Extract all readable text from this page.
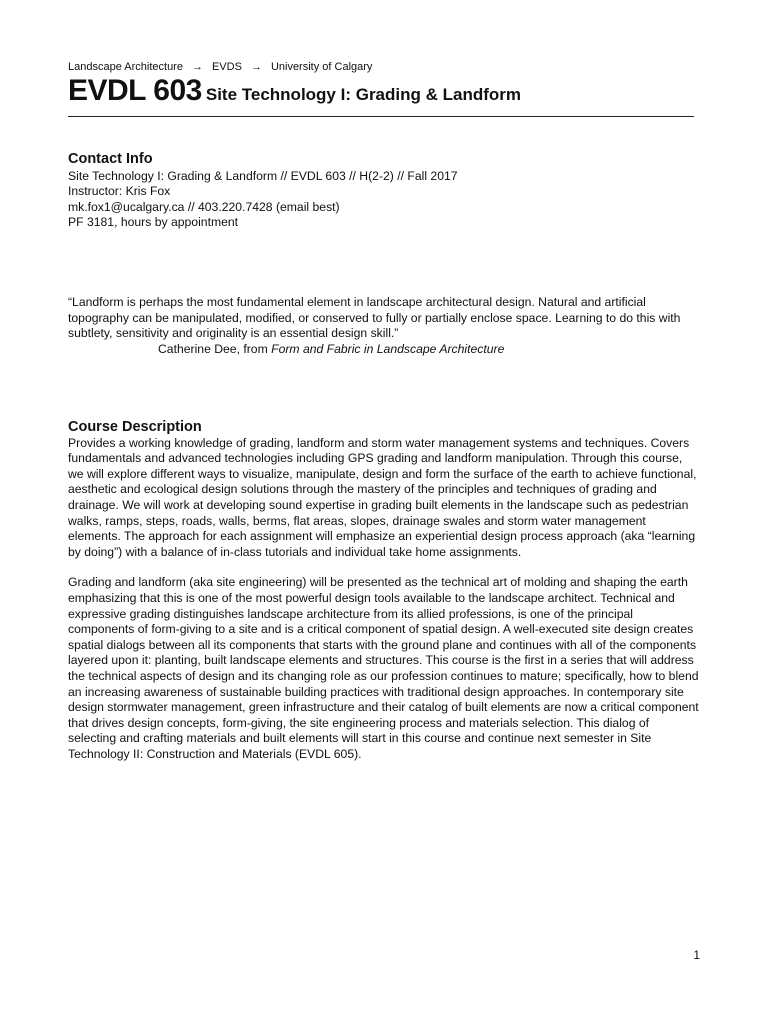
Landscape Architecture → EVDS → University of Calgary
EVDL 603 Site Technology I: Grading & Landform
Contact Info
Site Technology I: Grading & Landform // EVDL 603 // H(2-2) // Fall 2017
Instructor: Kris Fox
mk.fox1@ucalgary.ca // 403.220.7428 (email best)
PF 3181, hours by appointment
“Landform is perhaps the most fundamental element in landscape architectural design. Natural and artificial topography can be manipulated, modified, or conserved to fully or partially enclose space. Learning to do this with subtlety, sensitivity and originality is an essential design skill.”
Catherine Dee, from Form and Fabric in Landscape Architecture
Course Description

Provides a working knowledge of grading, landform and storm water management systems and techniques. Covers fundamentals and advanced technologies including GPS grading and landform manipulation. Through this course, we will explore different ways to visualize, manipulate, design and form the surface of the earth to achieve functional, aesthetic and ecological design solutions through the mastery of the principles and techniques of grading and drainage. We will work at developing sound expertise in grading built elements in the landscape such as pedestrian walks, ramps, steps, roads, walls, berms, flat areas, slopes, drainage swales and storm water management elements. The approach for each assignment will emphasize an experiential design process approach (aka “learning by doing”) with a balance of in-class tutorials and individual take home assignments.

Grading and landform (aka site engineering) will be presented as the technical art of molding and shaping the earth emphasizing that this is one of the most powerful design tools available to the landscape architect. Technical and expressive grading distinguishes landscape architecture from its allied professions, is one of the principal components of form-giving to a site and is a critical component of spatial design. A well-executed site design creates spatial dialogs between all its components that starts with the ground plane and continues with all of the components layered upon it: planting, built landscape elements and structures. This course is the first in a series that will address the technical aspects of design and its changing role as our profession continues to mature; specifically, how to blend an increasing awareness of sustainable building practices with traditional design approaches. In contemporary site design stormwater management, green infrastructure and their catalog of built elements are now a critical component that drives design concepts, form-giving, the site engineering process and materials selection. This dialog of selecting and crafting materials and built elements will start in this course and continue next semester in Site Technology II: Construction and Materials (EVDL 605).

1
